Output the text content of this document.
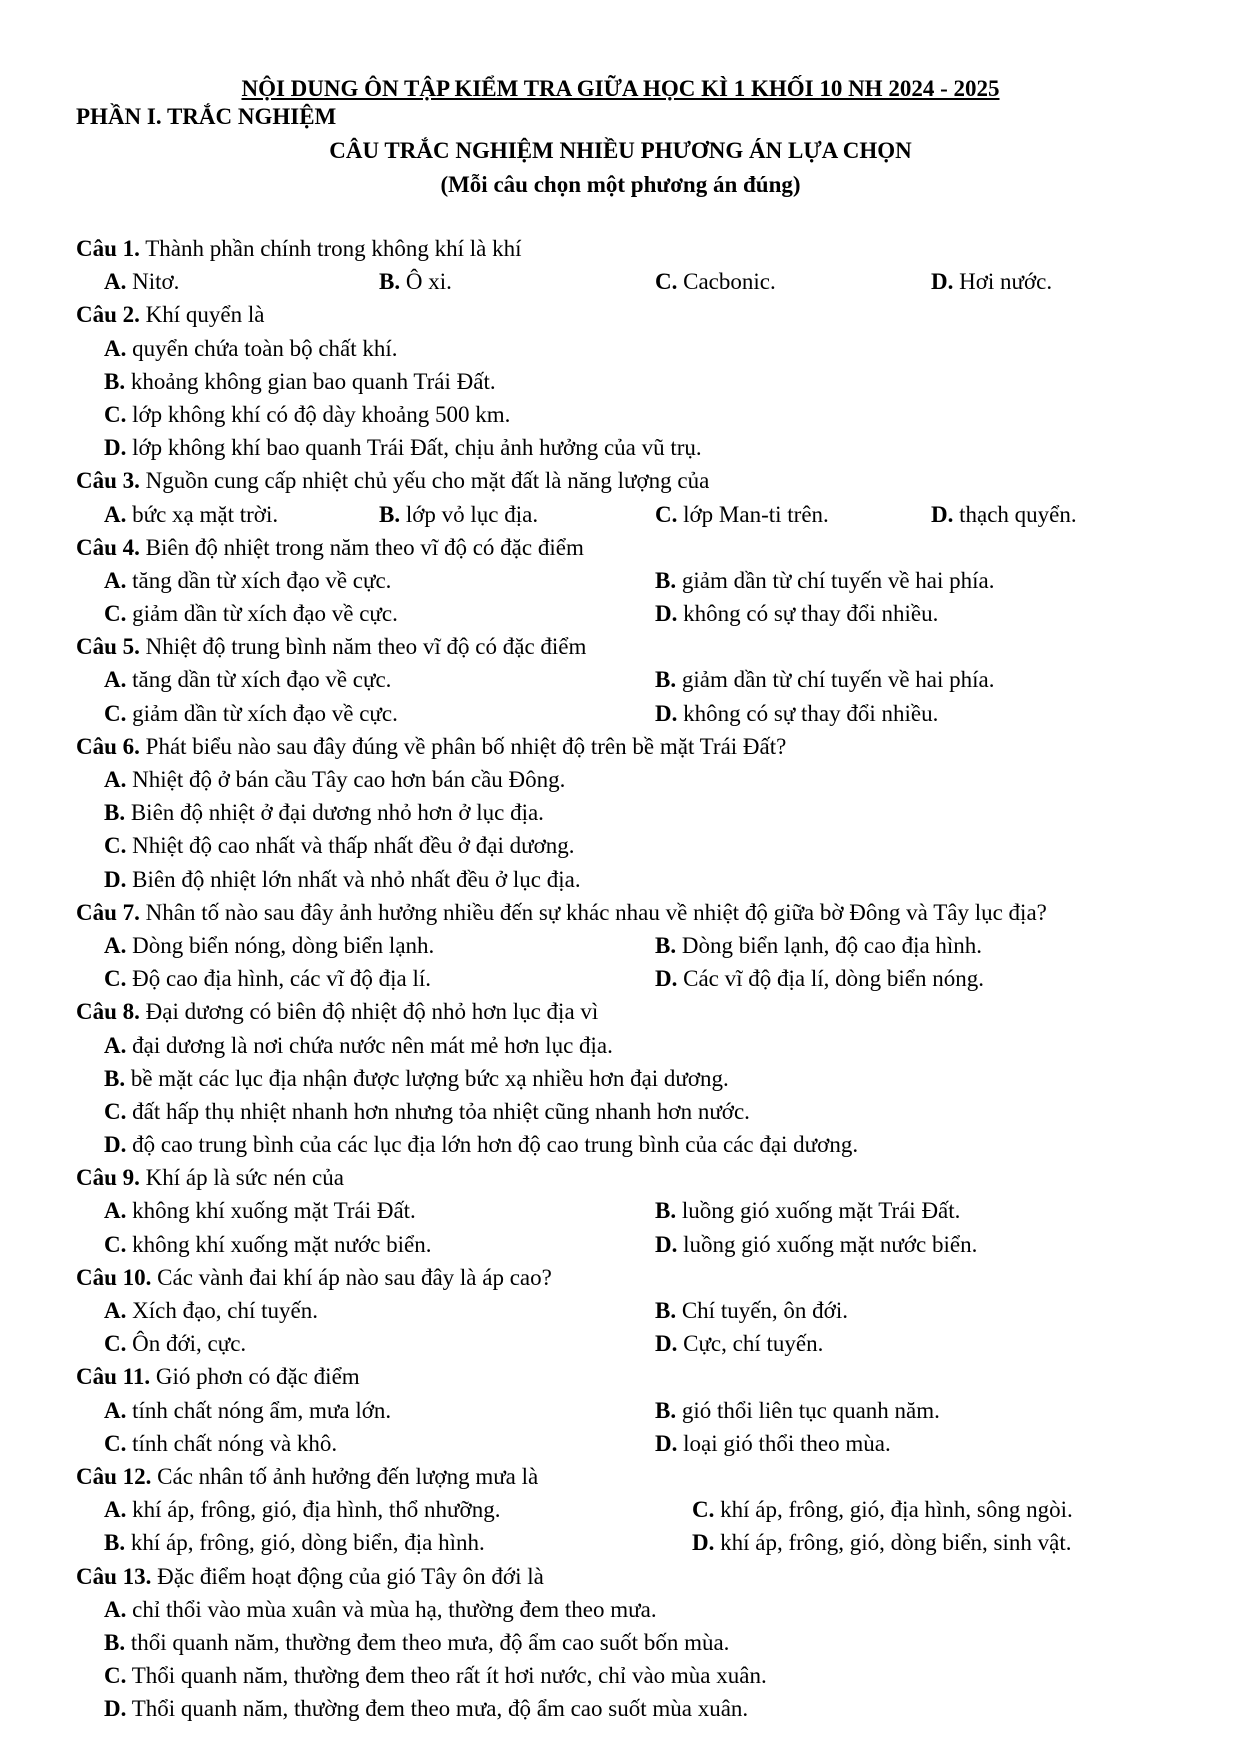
NỘI DUNG ÔN TẬP KIỂM TRA GIỮA HỌC KÌ 1 KHỐI 10 NH 2024 - 2025
PHẦN I. TRẮC NGHIỆM
CÂU TRẮC NGHIỆM NHIỀU PHƯƠNG ÁN LỰA CHỌN
(Mỗi câu chọn một phương án đúng)
Câu 1. Thành phần chính trong không khí là khí
A. Nitơ.	B. Ô xi.	C. Cacbonic.	D. Hơi nước.
Câu 2. Khí quyển là
A. quyển chứa toàn bộ chất khí.
B. khoảng không gian bao quanh Trái Đất.
C. lớp không khí có độ dày khoảng 500 km.
D. lớp không khí bao quanh Trái Đất, chịu ảnh hưởng của vũ trụ.
Câu 3. Nguồn cung cấp nhiệt chủ yếu cho mặt đất là năng lượng của
A. bức xạ mặt trời.	B. lớp vỏ lục địa.	C. lớp Man-ti trên.	D. thạch quyển.
Câu 4. Biên độ nhiệt trong năm theo vĩ độ có đặc điểm
A. tăng dần từ xích đạo về cực.	B. giảm dần từ chí tuyến về hai phía.
C. giảm dần từ xích đạo về cực.	D. không có sự thay đổi nhiều.
Câu 5. Nhiệt độ trung bình năm theo vĩ độ có đặc điểm
A. tăng dần từ xích đạo về cực.	B. giảm dần từ chí tuyến về hai phía.
C. giảm dần từ xích đạo về cực.	D. không có sự thay đổi nhiều.
Câu 6. Phát biểu nào sau đây đúng về phân bố nhiệt độ trên bề mặt Trái Đất?
A. Nhiệt độ ở bán cầu Tây cao hơn bán cầu Đông.
B. Biên độ nhiệt ở đại dương nhỏ hơn ở lục địa.
C. Nhiệt độ cao nhất và thấp nhất đều ở đại dương.
D. Biên độ nhiệt lớn nhất và nhỏ nhất đều ở lục địa.
Câu 7. Nhân tố nào sau đây ảnh hưởng nhiều đến sự khác nhau về nhiệt độ giữa bờ Đông và Tây lục địa?
A. Dòng biển nóng, dòng biển lạnh.	B. Dòng biển lạnh, độ cao địa hình.
C. Độ cao địa hình, các vĩ độ địa lí.	D. Các vĩ độ địa lí, dòng biển nóng.
Câu 8. Đại dương có biên độ nhiệt độ nhỏ hơn lục địa vì
A. đại dương là nơi chứa nước nên mát mẻ hơn lục địa.
B. bề mặt các lục địa nhận được lượng bức xạ nhiều hơn đại dương.
C. đất hấp thụ nhiệt nhanh hơn nhưng tỏa nhiệt cũng nhanh hơn nước.
D. độ cao trung bình của các lục địa lớn hơn độ cao trung bình của các đại dương.
Câu 9. Khí áp là sức nén của
A. không khí xuống mặt Trái Đất.	B. luồng gió xuống mặt Trái Đất.
C. không khí xuống mặt nước biển.	D. luồng gió xuống mặt nước biển.
Câu 10. Các vành đai khí áp nào sau đây là áp cao?
A. Xích đạo, chí tuyến.	B. Chí tuyến, ôn đới.
C. Ôn đới, cực.	D. Cực, chí tuyến.
Câu 11. Gió phơn có đặc điểm
A. tính chất nóng ẩm, mưa lớn.	B. gió thổi liên tục quanh năm.
C. tính chất nóng và khô.	D. loại gió thổi theo mùa.
Câu 12. Các nhân tố ảnh hưởng đến lượng mưa là
A. khí áp, frông, gió, địa hình, thổ nhưỡng.	C. khí áp, frông, gió, địa hình, sông ngòi.
B. khí áp, frông, gió, dòng biển, địa hình.	D. khí áp, frông, gió, dòng biển, sinh vật.
Câu 13. Đặc điểm hoạt động của gió Tây ôn đới là
A. chỉ thổi vào mùa xuân và mùa hạ, thường đem theo mưa.
B. thổi quanh năm, thường đem theo mưa, độ ẩm cao suốt bốn mùa.
C. Thổi quanh năm, thường đem theo rất ít hơi nước, chỉ vào mùa xuân.
D. Thổi quanh năm, thường đem theo mưa, độ ẩm cao suốt mùa xuân.
